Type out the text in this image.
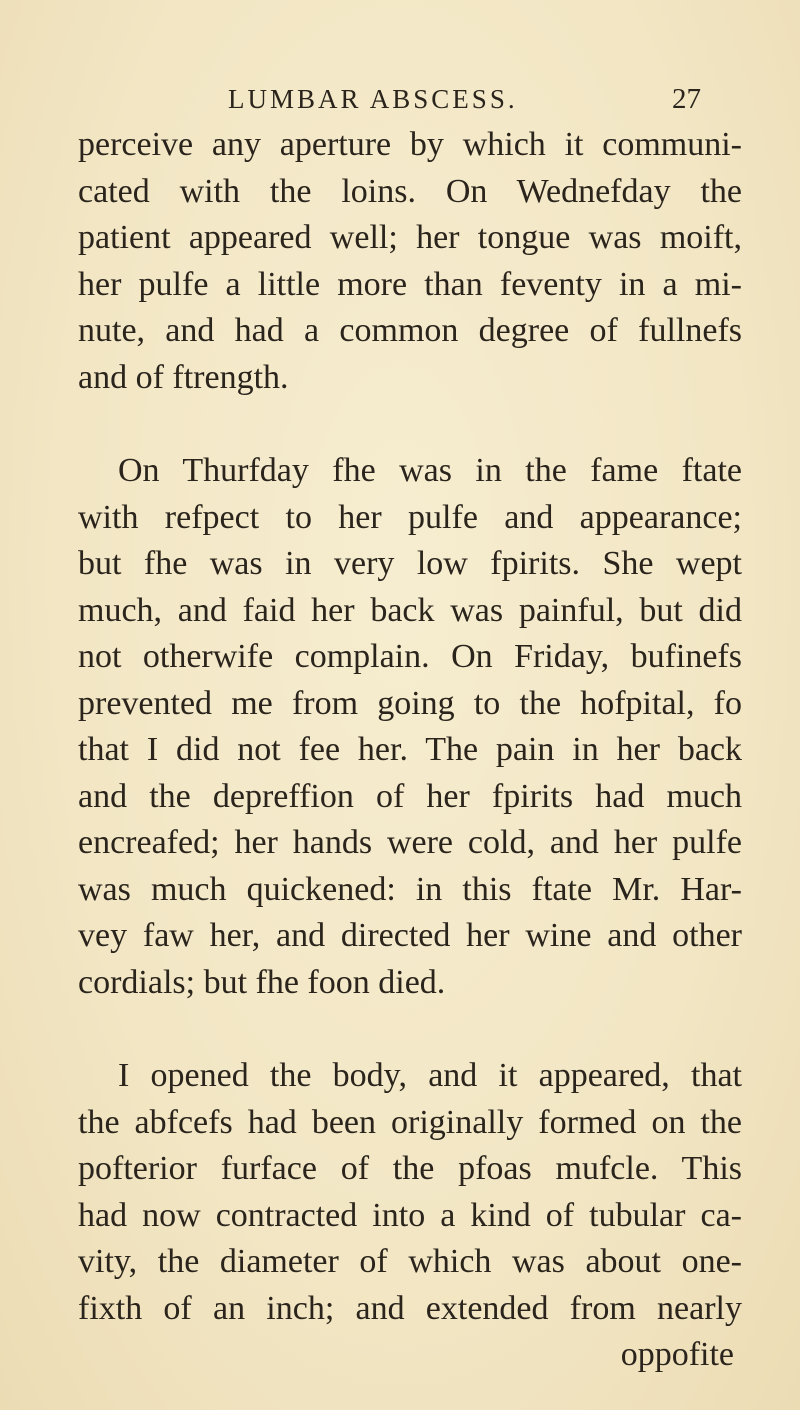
LUMBAR ABSCESS.	27
perceive any aperture by which it communi-
cated with the loins. On Wednefday the
patient appeared well; her tongue was moift,
her pulfe a little more than feventy in a mi-
nute, and had a common degree of fullnefs
and of ftrength.
On Thurfday fhe was in the fame ftate
with refpect to her pulfe and appearance;
but fhe was in very low fpirits. She wept
much, and faid her back was painful, but did
not otherwife complain. On Friday, bufinefs
prevented me from going to the hofpital, fo
that I did not fee her. The pain in her back
and the depreffion of her fpirits had much
encreafed; her hands were cold, and her pulfe
was much quickened: in this ftate Mr. Har-
vey faw her, and directed her wine and other
cordials; but fhe foon died.
I opened the body, and it appeared, that
the abfcefs had been originally formed on the
pofterior furface of the pfoas mufcle. This
had now contracted into a kind of tubular ca-
vity, the diameter of which was about one-
fixth of an inch; and extended from nearly
oppofite
